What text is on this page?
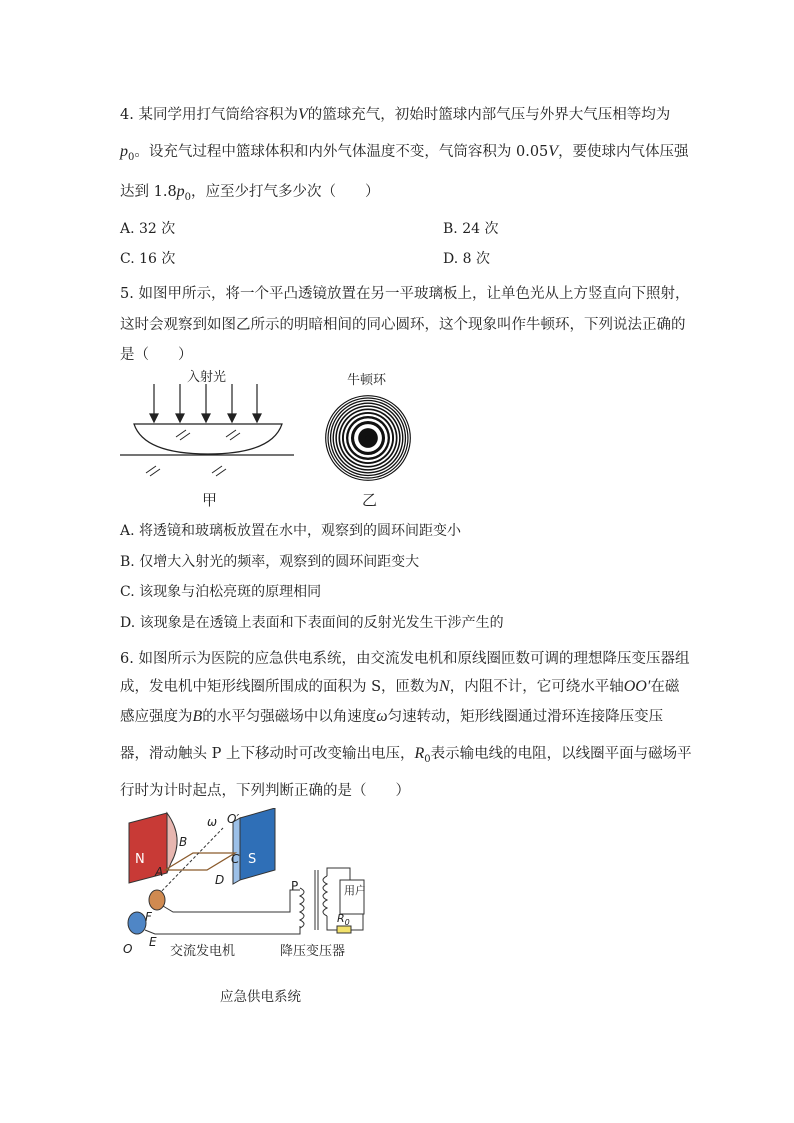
4. 某同学用打气筒给容积为V的篮球充气，初始时篮球内部气压与外界大气压相等均为
$p_0$。设充气过程中篮球体积和内外气体温度不变，气筒容积为 0.05V，要使球内气体压强
达到 $1.8p_0$，应至少打气多少次（　　）
A. 32 次	B. 24 次
C. 16 次	D. 8 次
5. 如图甲所示，将一个平凸透镜放置在另一平玻璃板上，让单色光从上方竖直向下照射，
这时会观察到如图乙所示的明暗相间的同心圆环，这个现象叫作牛顿环，下列说法正确的
是（　　）
入射光
甲
牛顿环
乙
A. 将透镜和玻璃板放置在水中，观察到的圆环间距变小
B. 仅增大入射光的频率，观察到的圆环间距变大
C. 该现象与泊松亮斑的原理相同
D. 该现象是在透镜上表面和下表面间的反射光发生干涉产生的
6. 如图所示为医院的应急供电系统，由交流发电机和原线圈匝数可调的理想降压变压器组
成，发电机中矩形线圈所围成的面积为 S，匝数为N，内阻不计，它可绕水平轴OO′在磁
感应强度为B的水平匀强磁场中以角速度ω匀速转动，矩形线圈通过滑环连接降压变压
器，滑动触头 P 上下移动时可改变输出电压，$R_0$表示输电线的电阻，以线圈平面与磁场平
行时为计时起点，下列判断正确的是（　　）
N	S
B
C
A
D
ω O′
F
E
O
P	用户
$R_0$
交流发电机	降压变压器
应急供电系统
